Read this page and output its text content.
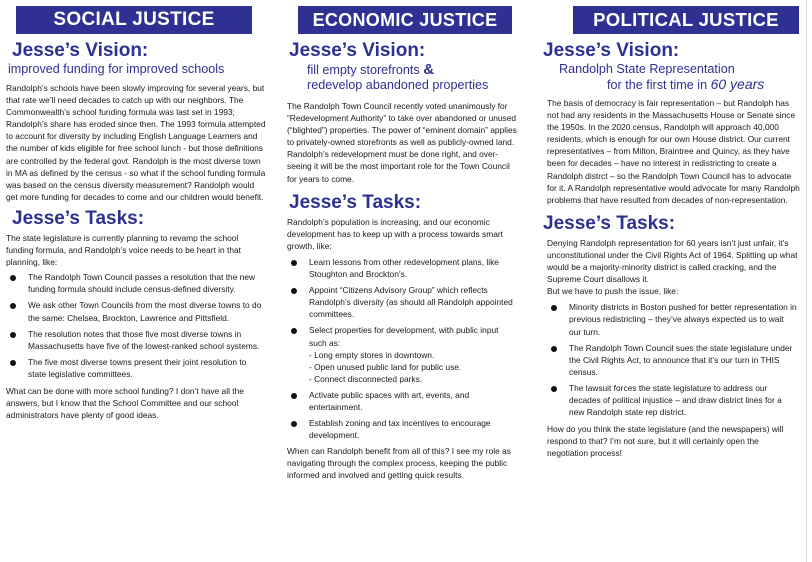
SOCIAL JUSTICE
Jesse’s Vision:
improved funding for improved schools

Randolph’s schools have been slowly improving for several years, but that rate we’ll need decades to catch up with our neighbors. The Commonwealth’s school funding formula was last set in 1993; Randolph’s share has eroded since then. The 1993 formula attempted to account for diversity by including English Language Learners and the number of kids eligible for free school lunch - but those definitions are controlled by the federal govt. Randolph is the most diverse town in MA as defined by the census - so what if the school funding formula was based on the census diversity measurement? Randolph would get more funding for decades to come and our children would benefit.

Jesse’s Tasks:

The state legislature is currently planning to revamp the school funding formula, and Randolph’s voice needs to be heart in that planning, like:

The Randolph Town Council passes a resolution that the new funding formula should include census-defined diversity.
We ask other Town Councils from the most diverse towns to do the same: Chelsea, Brockton, Lawrence and Pittsfield.
The resolution notes that those five most diverse towns in Massachusetts have five of the lowest-ranked school systems.
The five most diverse towns present their joint resolution to state legislative committees.

What can be done with more school funding? I don’t have all the answers, but I know that the School Committee and our school administrators have plenty of good ideas.

ECONOMIC JUSTICE
Jesse’s Vision:
fill empty storefronts &
redevelop abandoned properties

The Randolph Town Council recently voted unanimously for “Redevelopment Authority” to take over abandoned or unused (“blighted”) properties. The power of “eminent domain” applies to privately-owned storefronts as well as publicly-owned land. Randolph’s redevelopment must be done right, and over-seeing it will be the most important role for the Town Council for years to come.

Jesse’s Tasks:

Randolph’s population is increasing, and our economic development has to keep up with a process towards smart growth, like:

Learn lessons from other redevelopment plans, like Stoughton and Brockton’s.
Appoint “Citizens Advisory Group” which reflects Randolph’s diversity (as should all Randolph appointed committees.
Select properties for development, with public input such as:
- Long empty stores in downtown.
- Open unused public land for public use.
- Connect disconnected parks.
Activate public spaces with art, events, and entertainment.
Establish zoning and tax incentives to encourage development.

When can Randolph benefit from all of this? I see my role as navigating through the complex process, keeping the public informed and involved and getting quick results.

POLITICAL JUSTICE
Jesse’s Vision:
Randolph State Representation
for the first time in 60 years

The basis of democracy is fair representation – but Randolph has not had any residents in the Massachusetts House or Senate since the 1950s. In the 2020 census, Randolph will approach 40,000 residents, which is enough for our own House district. Our current representatives – from Milton, Braintree and Quincy, as they have been for decades – have no interest in redistricting to create a Randolph distrct – so the Randolph Town Council has to advocate for it. A Randolph representative would advocate for many Randolph problems that have resulted from decades of non-representation.

Jesse’s Tasks:

Denying Randolph representation for 60 years isn’t just unfair, it’s unconstitutional under the Civil Rights Act of 1964. Splitting up what would be a majority-minority district is called cracking, and the Supreme Court disallows it.

But we have to push the issue, like:

Minority districts in Boston pushed for better representation in previous redistricting – they’ve always expected us to wait our turn.
The Randolph Town Council sues the state legislature under the Civil Rights Act, to announce that it’s our turn in THIS census.
The lawsuit forces the state legislature to address our decades of political injustice – and draw district lines for a new Randolph state rep district.

How do you think the state legislature (and the newspapers) will respond to that? I’m not sure, but it will certainly open the negotiation process!
